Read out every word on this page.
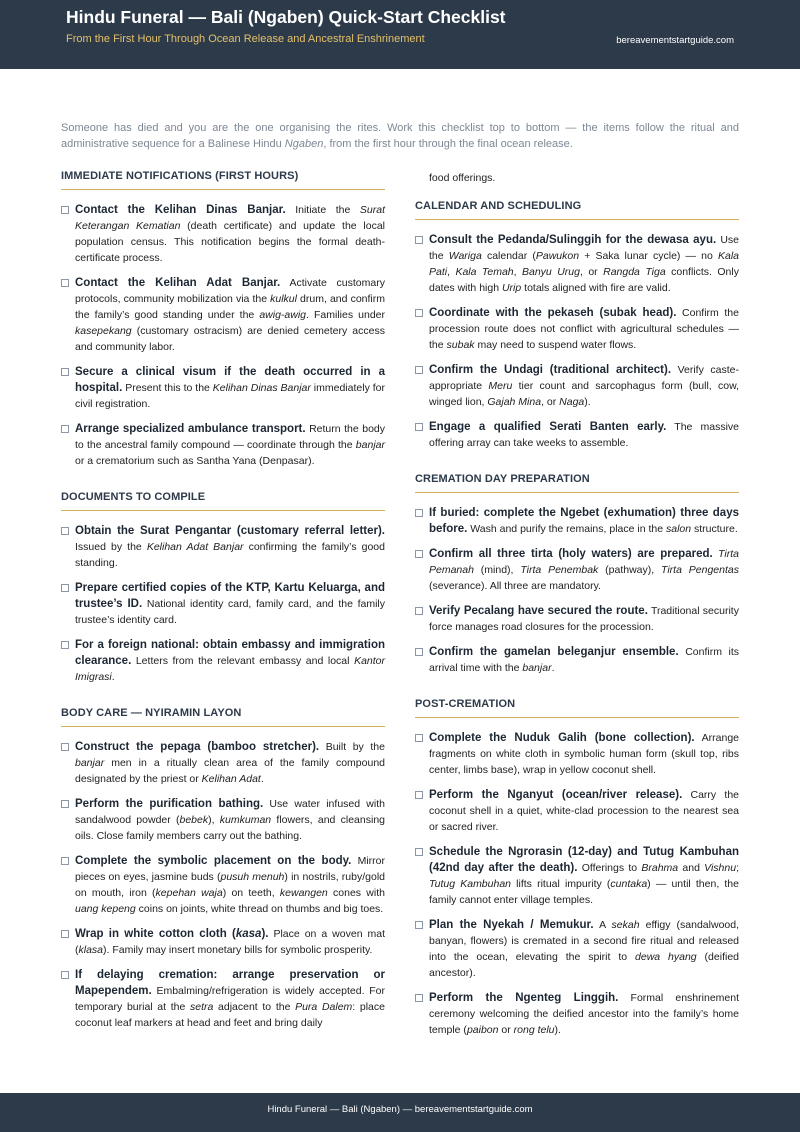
Hindu Funeral — Bali (Ngaben) Quick-Start Checklist
From the First Hour Through Ocean Release and Ancestral Enshrinement	bereavementstartguide.com
Someone has died and you are the one organising the rites. Work this checklist top to bottom — the items follow the ritual and administrative sequence for a Balinese Hindu Ngaben, from the first hour through the final ocean release.
IMMEDIATE NOTIFICATIONS (FIRST HOURS)
Contact the Kelihan Dinas Banjar. Initiate the Surat Keterangan Kematian (death certificate) and update the local population census. This notification begins the formal death-certificate process.
Contact the Kelihan Adat Banjar. Activate customary protocols, community mobilization via the kulkul drum, and confirm the family’s good standing under the awig-awig. Families under kasepekang (customary ostracism) are denied cemetery access and community labor.
Secure a clinical visum if the death occurred in a hospital. Present this to the Kelihan Dinas Banjar immediately for civil registration.
Arrange specialized ambulance transport. Return the body to the ancestral family compound — coordinate through the banjar or a crematorium such as Santha Yana (Denpasar).
DOCUMENTS TO COMPILE
Obtain the Surat Pengantar (customary referral letter). Issued by the Kelihan Adat Banjar confirming the family’s good standing.
Prepare certified copies of the KTP, Kartu Keluarga, and trustee’s ID. National identity card, family card, and the family trustee’s identity card.
For a foreign national: obtain embassy and immigration clearance. Letters from the relevant embassy and local Kantor Imigrasi.
BODY CARE — NYIRAMIN LAYON
Construct the pepaga (bamboo stretcher). Built by the banjar men in a ritually clean area of the family compound designated by the priest or Kelihan Adat.
Perform the purification bathing. Use water infused with sandalwood powder (bebek), kumkuman flowers, and cleansing oils. Close family members carry out the bathing.
Complete the symbolic placement on the body. Mirror pieces on eyes, jasmine buds (pusuh menuh) in nostrils, ruby/gold on mouth, iron (kepehan waja) on teeth, kewangen cones with uang kepeng coins on joints, white thread on thumbs and big toes.
Wrap in white cotton cloth (kasa). Place on a woven mat (klasa). Family may insert monetary bills for symbolic prosperity.
If delaying cremation: arrange preservation or Mapependem. Embalming/refrigeration is widely accepted. For temporary burial at the setra adjacent to the Pura Dalem: place coconut leaf markers at head and feet and bring daily
food offerings.
CALENDAR AND SCHEDULING
Consult the Pedanda/Sulinggih for the dewasa ayu. Use the Wariga calendar (Pawukon + Saka lunar cycle) — no Kala Pati, Kala Temah, Banyu Urug, or Rangda Tiga conflicts. Only dates with high Urip totals aligned with fire are valid.
Coordinate with the pekaseh (subak head). Confirm the procession route does not conflict with agricultural schedules — the subak may need to suspend water flows.
Confirm the Undagi (traditional architect). Verify caste-appropriate Meru tier count and sarcophagus form (bull, cow, winged lion, Gajah Mina, or Naga).
Engage a qualified Serati Banten early. The massive offering array can take weeks to assemble.
CREMATION DAY PREPARATION
If buried: complete the Ngebet (exhumation) three days before. Wash and purify the remains, place in the salon structure.
Confirm all three tirta (holy waters) are prepared. Tirta Pemanah (mind), Tirta Penembak (pathway), Tirta Pengentas (severance). All three are mandatory.
Verify Pecalang have secured the route. Traditional security force manages road closures for the procession.
Confirm the gamelan beleganjur ensemble. Confirm its arrival time with the banjar.
POST-CREMATION
Complete the Nuduk Galih (bone collection). Arrange fragments on white cloth in symbolic human form (skull top, ribs center, limbs base), wrap in yellow coconut shell.
Perform the Nganyut (ocean/river release). Carry the coconut shell in a quiet, white-clad procession to the nearest sea or sacred river.
Schedule the Ngrorasin (12-day) and Tutug Kambuhan (42nd day after the death). Offerings to Brahma and Vishnu; Tutug Kambuhan lifts ritual impurity (cuntaka) — until then, the family cannot enter village temples.
Plan the Nyekah / Memukur. A sekah effigy (sandalwood, banyan, flowers) is cremated in a second fire ritual and released into the ocean, elevating the spirit to dewa hyang (deified ancestor).
Perform the Ngenteg Linggih. Formal enshrinement ceremony welcoming the deified ancestor into the family’s home temple (paibon or rong telu).
Hindu Funeral — Bali (Ngaben) — bereavementstartguide.com
